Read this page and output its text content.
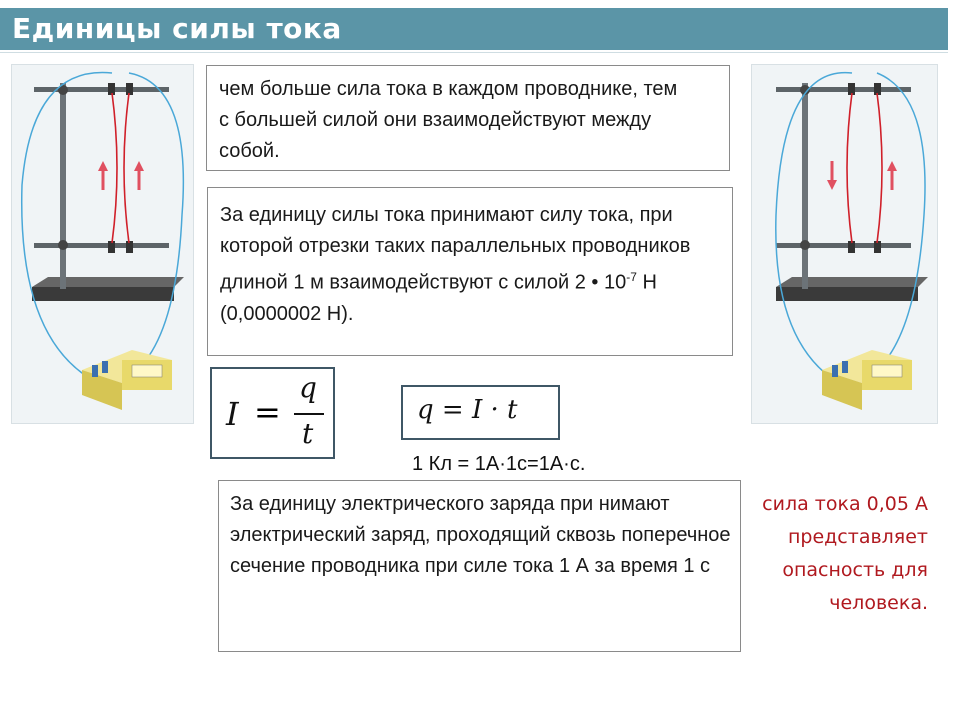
Единицы силы тока

чем больше сила тока в каждом проводнике, тем с большей силой они взаимодействуют между собой.

За единицу силы тока принимают силу тока, при которой отрезки таких параллельных проводников длиной 1 м взаимодействуют с силой 2 • $10^{-7}$ Н (0,0000002 Н).

I =
q
t
q = I · t
1 Кл = 1А·1с=1А·с.

За единицу электрического заряда при нимают электрический заряд, проходящий сквозь поперечное сечение проводника при силе тока 1 А за время 1 с

сила тока 0,05 А представляет опасность для человека.
